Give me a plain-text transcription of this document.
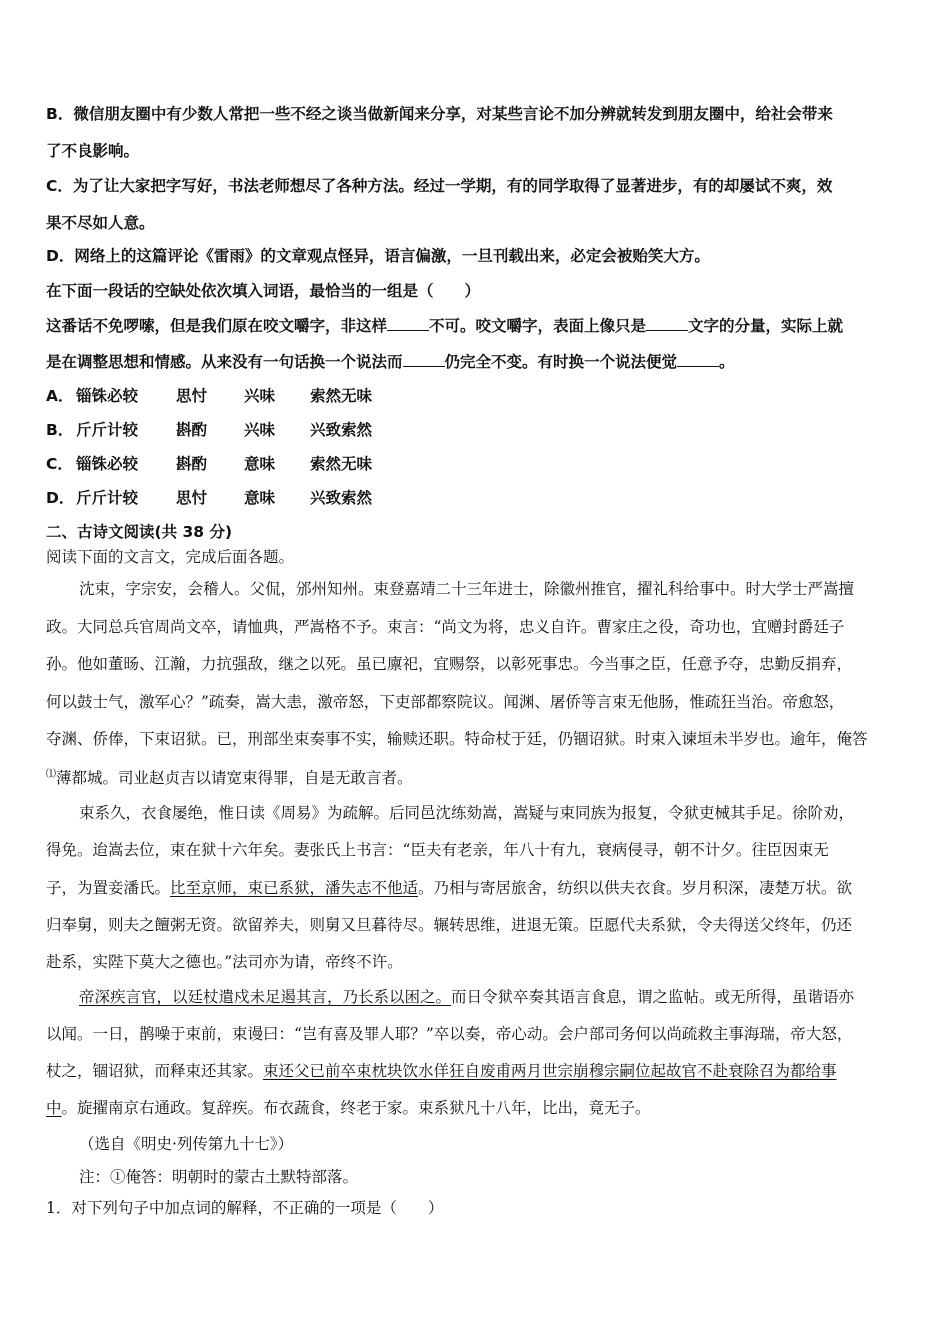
B．微信朋友圈中有少数人常把一些不经之谈当做新闻来分享，对某些言论不加分辨就转发到朋友圈中，给社会带来
了不良影响。
C．为了让大家把字写好，书法老师想尽了各种方法。经过一学期，有的同学取得了显著进步，有的却屡试不爽，效
果不尽如人意。
D．网络上的这篇评论《雷雨》的文章观点怪异，语言偏激，一旦刊载出来，必定会被贻笑大方。
在下面一段话的空缺处依次填入词语，最恰当的一组是（　　）
这番话不免啰嗦，但是我们原在咬文嚼字，非这样	不可。咬文嚼字，表面上像只是	文字的分量，实际上就
是在调整思想和情感。从来没有一句话换一个说法而	仍完全不变。有时换一个说法便觉	。
A． 锱铢必较 思忖 兴味 索然无味
B． 斤斤计较 斟酌 兴味 兴致索然
C． 锱铢必较 斟酌 意味 索然无味
D． 斤斤计较 思忖 意味 兴致索然
二、古诗文阅读(共 38 分)
阅读下面的文言文，完成后面各题。
沈束，字宗安，会稽人。父侃，邠州知州。束登嘉靖二十三年进士，除徽州推官，擢礼科给事中。时大学士严嵩擅
政。大同总兵官周尚文卒，请恤典，严嵩格不予。束言：“尚文为将，忠义自许。曹家庄之役，奇功也，宜赠封爵廷子
孙。他如董旸、江瀚，力抗强敌，继之以死。虽已廪祀，宜赐祭，以彰死事忠。今当事之臣，任意予夺，忠勤反捐弃，
何以鼓士气，激军心？”疏奏，嵩大恚，激帝怒，下吏部都察院议。闻渊、屠侨等言束无他肠，惟疏狂当治。帝愈怒，
夺渊、侨俸，下束诏狱。已，刑部坐束奏事不实，输赎还职。特命杖于廷，仍锢诏狱。时束入谏垣未半岁也。逾年，俺答
⑴薄都城。司业赵贞吉以请宽束得罪，自是无敢言者。
束系久，衣食屡绝，惟日读《周易》为疏解。后同邑沈练劾嵩，嵩疑与束同族为报复，令狱吏械其手足。徐阶劝，
得免。迨嵩去位，束在狱十六年矣。妻张氏上书言：“臣夫有老亲，年八十有九，衰病侵寻，朝不计夕。往臣因束无
子，为置妾潘氏。比至京师，束已系狱，潘失志不他适。乃相与寄居旅舍，纺织以供夫衣食。岁月积深，凄楚万状。欲
归奉舅，则夫之饘粥无资。欲留养夫，则舅又旦暮待尽。辗转思维，进退无策。臣愿代夫系狱，令夫得送父终年，仍还
赴系，实陛下莫大之德也。”法司亦为请，帝终不许。
帝深疾言官，以廷杖遣戍未足遏其言，乃长系以困之。而日令狱卒奏其语言食息，谓之监帖。或无所得，虽谐语亦
以闻。一日，鹊噪于束前，束谩曰：“岂有喜及罪人耶？”卒以奏，帝心动。会户部司务何以尚疏救主事海瑞，帝大怒，
杖之，锢诏狱，而释束还其家。束还父已前卒束枕块饮水佯狂自废甫两月世宗崩穆宗嗣位起故官不赴衰除召为都给事
中。旋擢南京右通政。复辞疾。布衣蔬食，终老于家。束系狱凡十八年，比出，竟无子。
（选自《明史·列传第九十七》）
注：①俺答：明朝时的蒙古土默特部落。
1．对下列句子中加点词的解释，不正确的一项是（　　）
